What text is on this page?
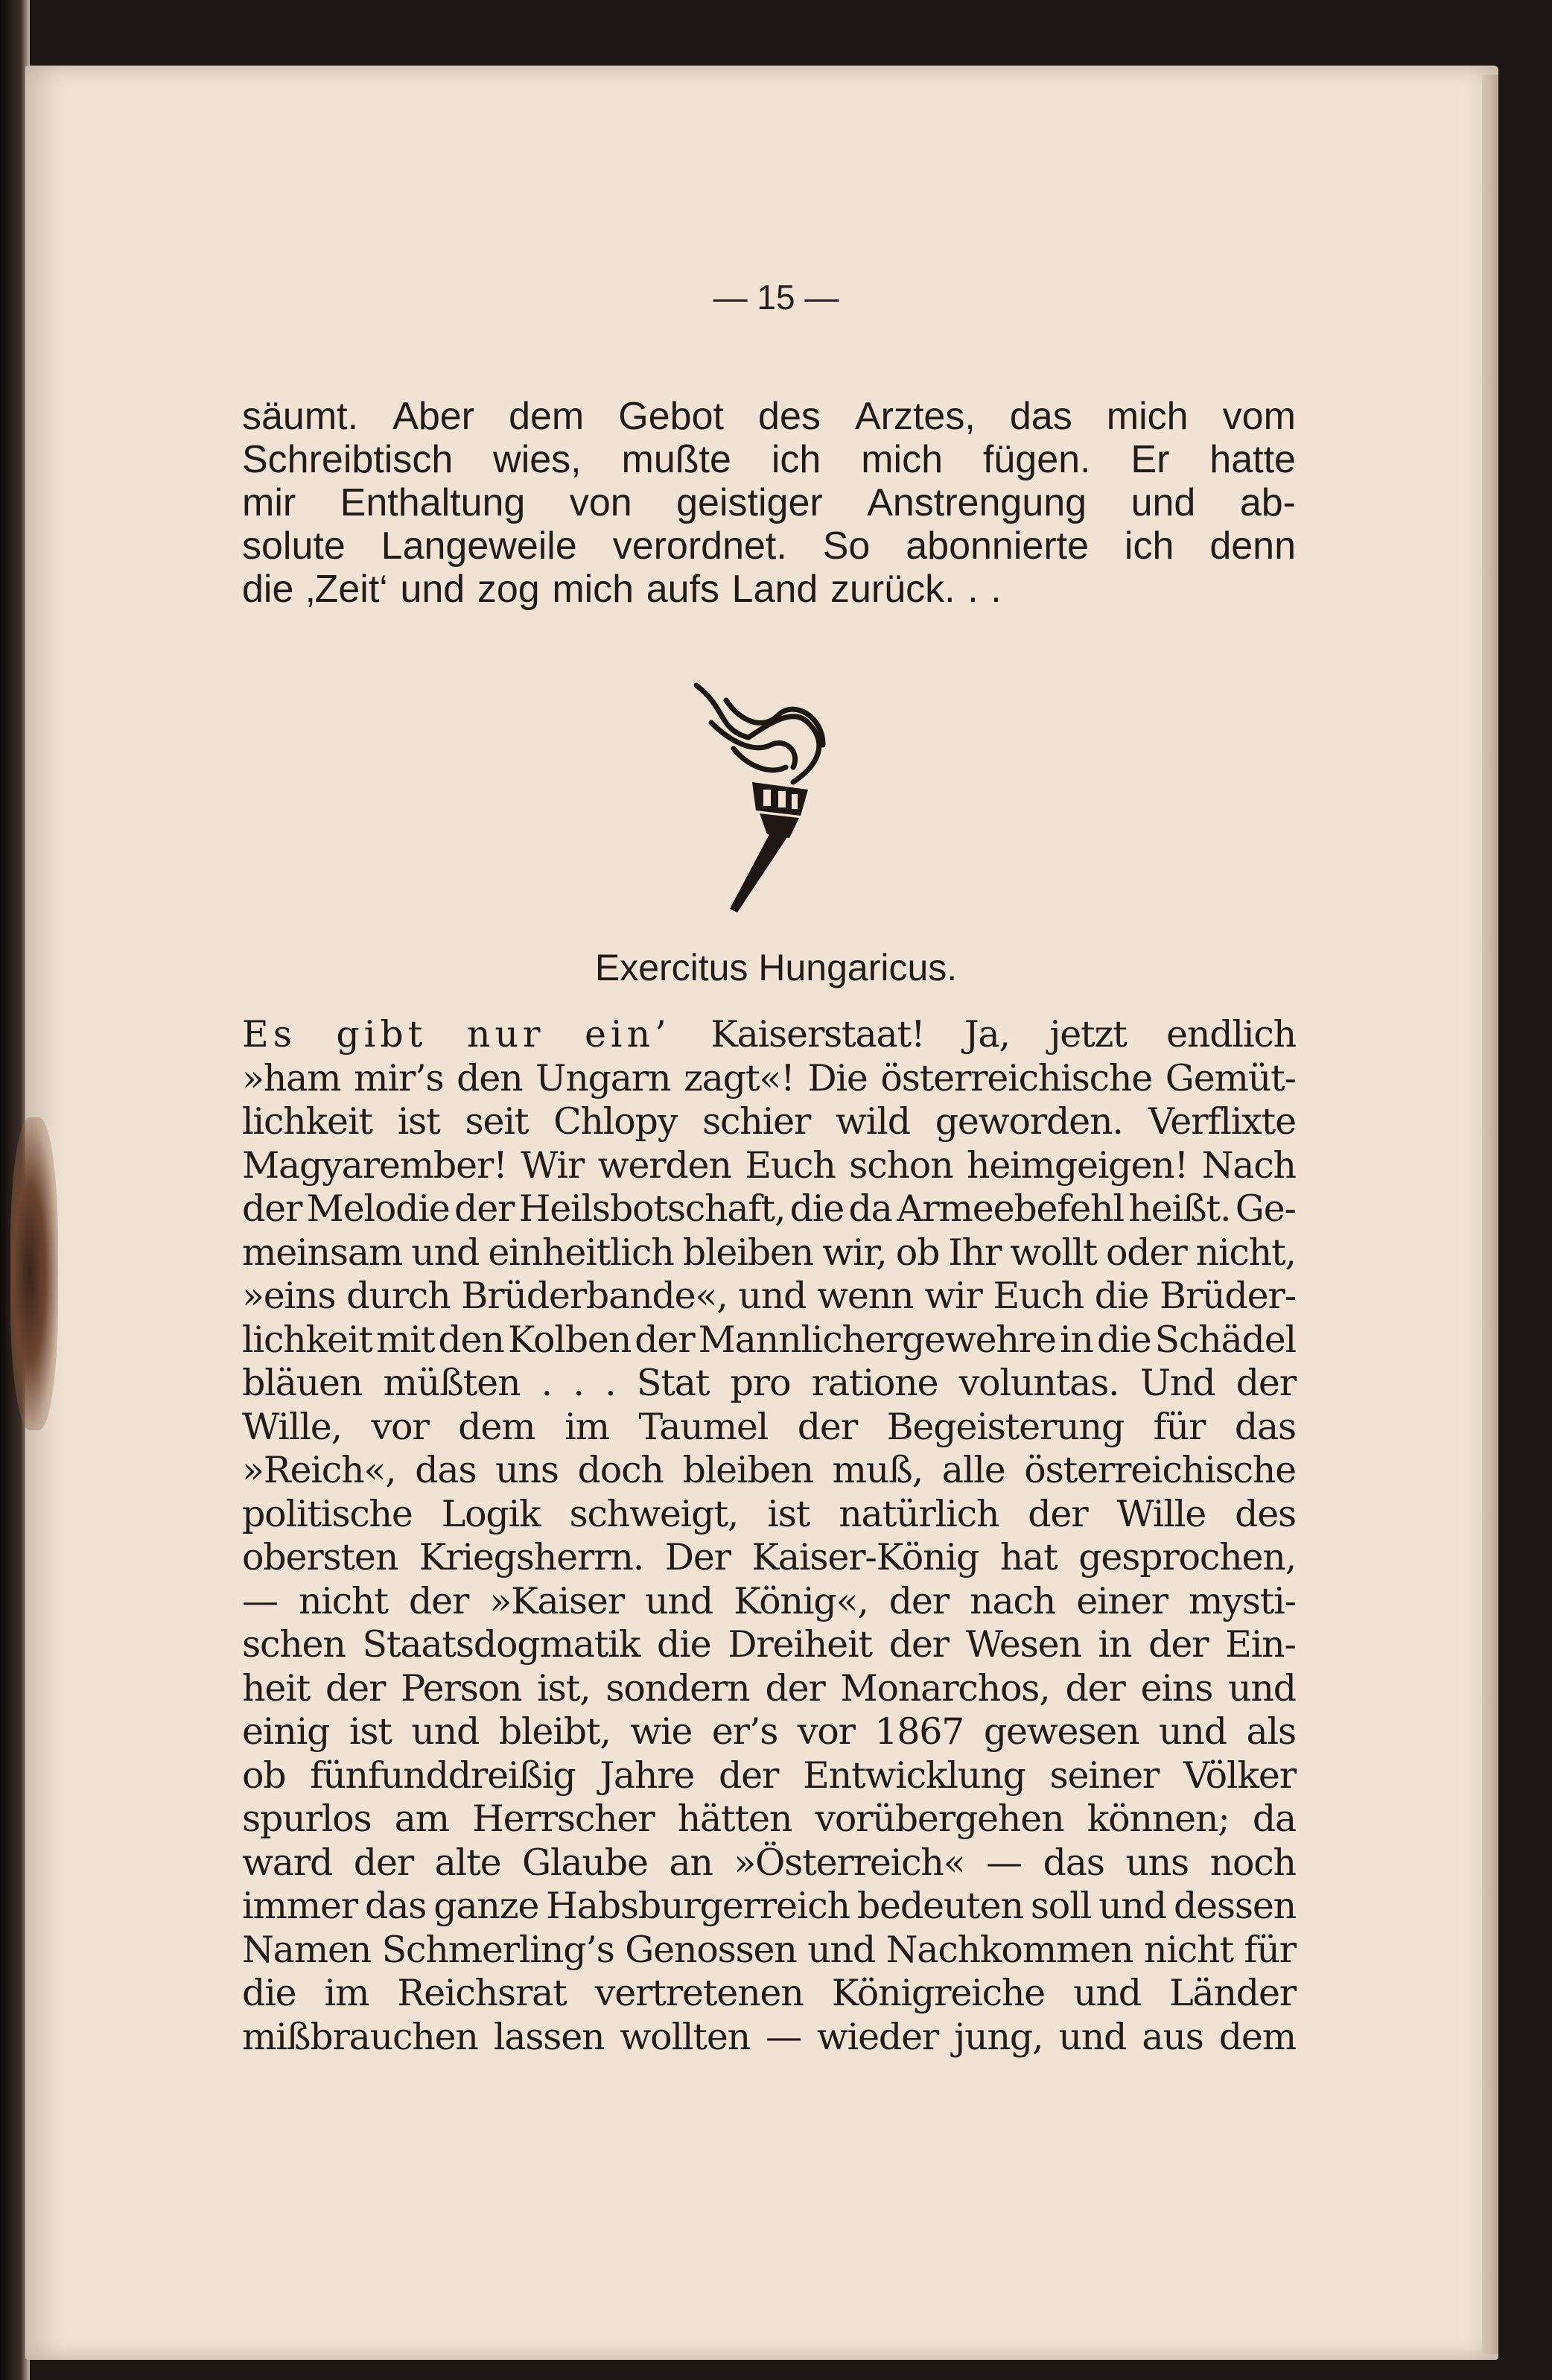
— 15 —
säumt. Aber dem Gebot des Arztes, das mich vom
Schreibtisch wies, mußte ich mich fügen. Er hatte
mir Enthaltung von geistiger Anstrengung und ab-
solute Langeweile verordnet. So abonnierte ich denn
die ‚Zeit‘ und zog mich aufs Land zurück. . .
Exercitus Hungaricus.
Es gibt nur ein’ Kaiserstaat! Ja, jetzt endlich
»ham mir’s den Ungarn zagt«! Die österreichische Gemüt-
lichkeit ist seit Chlopy schier wild geworden. Verflixte
Magyarember! Wir werden Euch schon heimgeigen! Nach
der Melodie der Heilsbotschaft, die da Armeebefehl heißt. Ge-
meinsam und einheitlich bleiben wir, ob Ihr wollt oder nicht,
»eins durch Brüderbande«, und wenn wir Euch die Brüder-
lichkeit mit den Kolben der Mannlichergewehre in die Schädel
bläuen müßten . . . Stat pro ratione voluntas. Und der
Wille, vor dem im Taumel der Begeisterung für das
»Reich«, das uns doch bleiben muß, alle österreichische
politische Logik schweigt, ist natürlich der Wille des
obersten Kriegsherrn. Der Kaiser-König hat gesprochen,
— nicht der »Kaiser und König«, der nach einer mysti-
schen Staatsdogmatik die Dreiheit der Wesen in der Ein-
heit der Person ist, sondern der Monarchos, der eins und
einig ist und bleibt, wie er’s vor 1867 gewesen und als
ob fünfunddreißig Jahre der Entwicklung seiner Völker
spurlos am Herrscher hätten vorübergehen können; da
ward der alte Glaube an »Österreich« — das uns noch
immer das ganze Habsburgerreich bedeuten soll und dessen
Namen Schmerling’s Genossen und Nachkommen nicht für
die im Reichsrat vertretenen Königreiche und Länder
mißbrauchen lassen wollten — wieder jung, und aus dem
